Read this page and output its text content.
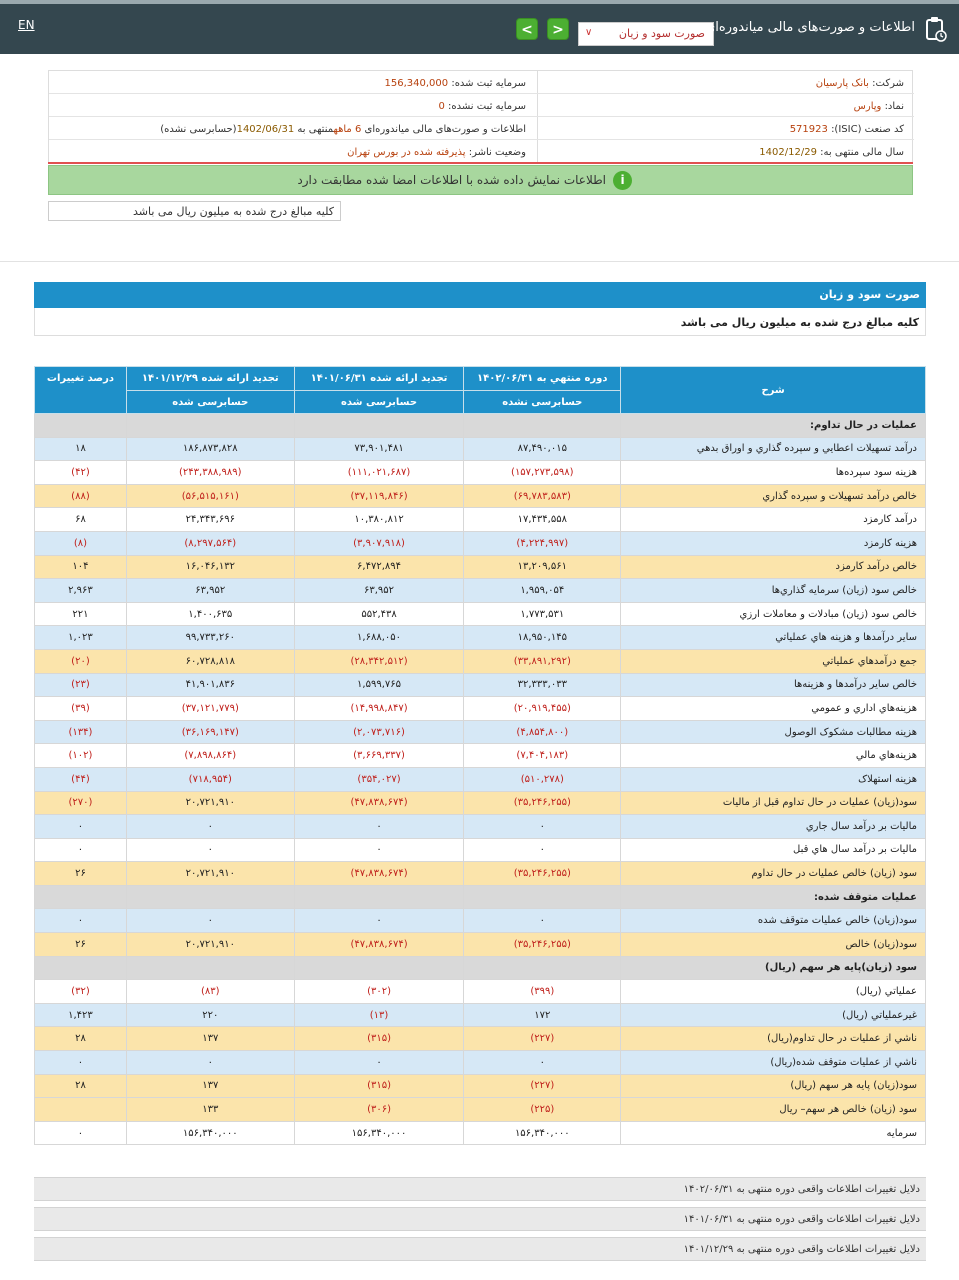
EN	<	>	صورت سود و زیان
∨	اطلاعات و صورت‌های مالی میاندوره‌ای
شرکت: بانک پارسیان
سرمایه ثبت شده: 156,340,000
نماد: وپارس
سرمایه ثبت نشده: 0
کد صنعت (ISIC): 571923
اطلاعات و صورت‌های مالی میاندوره‌ای 6 ماههمنتهی به 1402/06/31(حسابرسی نشده)
سال مالی منتهی به: 1402/12/29
وضعیت ناشر: پذیرفته شده در بورس تهران
i
اطلاعات نمایش داده شده با اطلاعات امضا شده مطابقت دارد
کلیه مبالغ درج شده به میلیون ریال می باشد
صورت سود و زیان
کلیه مبالغ درج شده به میلیون ریال می باشد
شرح	دوره منتهي به ۱۴۰۲/۰۶/۳۱	تجدید ارائه شده ۱۴۰۱/۰۶/۳۱	تجدید ارائه شده ۱۴۰۱/۱۲/۲۹	درصد تغییرات
	حسابرسی نشده	حسابرسی شده	حسابرسی شده	
عمليات در حال تداوم:				
درآمد تسهيلات اعطايي و سپرده گذاري و اوراق بدهي	۸۷,۴۹۰,۰۱۵	۷۳,۹۰۱,۴۸۱	۱۸۶,۸۷۳,۸۲۸	۱۸
هزينه سود سپرده‌ها	(۱۵۷,۲۷۳,۵۹۸)	(۱۱۱,۰۲۱,۶۸۷)	(۲۴۳,۳۸۸,۹۸۹)	(۴۲)
خالص درآمد تسهيلات و سپرده گذاري	(۶۹,۷۸۳,۵۸۳)	(۳۷,۱۱۹,۸۴۶)	(۵۶,۵۱۵,۱۶۱)	(۸۸)
درآمد کارمزد	۱۷,۴۳۴,۵۵۸	۱۰,۳۸۰,۸۱۲	۲۴,۳۴۳,۶۹۶	۶۸
هزينه کارمزد	(۴,۲۲۴,۹۹۷)	(۳,۹۰۷,۹۱۸)	(۸,۲۹۷,۵۶۴)	(۸)
خالص درآمد کارمزد	۱۳,۲۰۹,۵۶۱	۶,۴۷۲,۸۹۴	۱۶,۰۴۶,۱۳۲	۱۰۴
خالص سود (زيان) سرمايه گذاري‌ها	۱,۹۵۹,۰۵۴	۶۳,۹۵۲	۶۳,۹۵۲	۲,۹۶۳
خالص سود (زيان) مبادلات و معاملات ارزي	۱,۷۷۳,۵۳۱	۵۵۲,۴۳۸	۱,۴۰۰,۶۳۵	۲۲۱
ساير درآمدها و هزينه هاي عملياتي	۱۸,۹۵۰,۱۴۵	۱,۶۸۸,۰۵۰	۹۹,۷۳۳,۲۶۰	۱,۰۲۳
جمع درآمدهاي عملياتي	(۳۳,۸۹۱,۲۹۲)	(۲۸,۳۴۲,۵۱۲)	۶۰,۷۲۸,۸۱۸	(۲۰)
خالص ساير درآمدها و هزينه‌ها	۳۲,۳۳۳,۰۳۳	۱,۵۹۹,۷۶۵	۴۱,۹۰۱,۸۳۶	(۲۳)
هزينه‌هاي اداري و عمومي	(۲۰,۹۱۹,۴۵۵)	(۱۴,۹۹۸,۸۴۷)	(۳۷,۱۲۱,۷۷۹)	(۳۹)
هزينه مطالبات مشکوک الوصول	(۴,۸۵۴,۸۰۰)	(۲,۰۷۳,۷۱۶)	(۳۶,۱۶۹,۱۴۷)	(۱۳۴)
هزينه‌هاي مالي	(۷,۴۰۴,۱۸۳)	(۳,۶۶۹,۳۳۷)	(۷,۸۹۸,۸۶۴)	(۱۰۲)
هزينه استهلاک	(۵۱۰,۲۷۸)	(۳۵۴,۰۲۷)	(۷۱۸,۹۵۴)	(۴۴)
سود(زيان) عمليات در حال تداوم قبل از ماليات	(۳۵,۲۴۶,۲۵۵)	(۴۷,۸۳۸,۶۷۴)	۲۰,۷۲۱,۹۱۰	(۲۷۰)
ماليات بر درآمد سال جاري	۰	۰	۰	۰
ماليات بر درآمد سال هاي قبل	۰	۰	۰	۰
سود (زيان) خالص عمليات در حال تداوم	(۳۵,۲۴۶,۲۵۵)	(۴۷,۸۳۸,۶۷۴)	۲۰,۷۲۱,۹۱۰	۲۶
عمليات متوقف شده:				
سود(زيان) خالص عمليات متوقف شده	۰	۰	۰	۰
سود(زيان) خالص	(۳۵,۲۴۶,۲۵۵)	(۴۷,۸۳۸,۶۷۴)	۲۰,۷۲۱,۹۱۰	۲۶
سود (زيان)پايه هر سهم (ريال)				
عملياتي (ريال)	(۳۹۹)	(۳۰۲)	(۸۳)	(۳۲)
غيرعملياتي (ريال)	۱۷۲	(۱۳)	۲۲۰	۱,۴۲۳
ناشي از عمليات در حال تداوم(ريال)	(۲۲۷)	(۳۱۵)	۱۳۷	۲۸
ناشي از عمليات متوقف شده(ريال)	۰	۰	۰	۰
سود(زيان) پايه هر سهم (ريال)	(۲۲۷)	(۳۱۵)	۱۳۷	۲۸
سود (زيان) خالص هر سهم– ريال	(۲۲۵)	(۳۰۶)	۱۳۳	
سرمايه	۱۵۶,۳۴۰,۰۰۰	۱۵۶,۳۴۰,۰۰۰	۱۵۶,۳۴۰,۰۰۰	۰
دلایل تغییرات اطلاعات واقعی دوره منتهی به ۱۴۰۲/۰۶/۳۱
دلایل تغییرات اطلاعات واقعی دوره منتهی به ۱۴۰۱/۰۶/۳۱
دلایل تغییرات اطلاعات واقعی دوره منتهی به ۱۴۰۱/۱۲/۲۹
